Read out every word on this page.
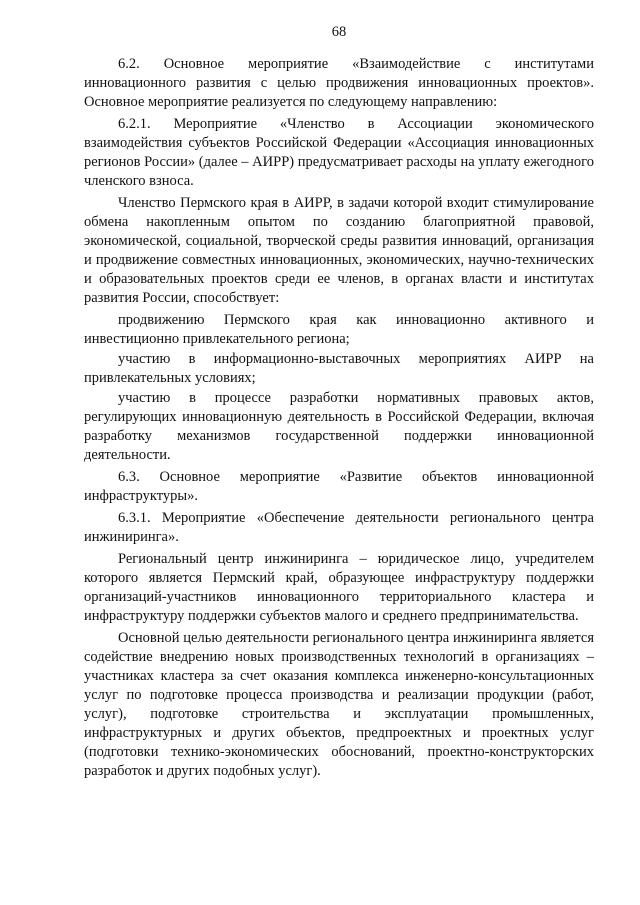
68

6.2. Основное мероприятие «Взаимодействие с институтами инновационного развития с целью продвижения инновационных проектов». Основное мероприятие реализуется по следующему направлению:

6.2.1. Мероприятие «Членство в Ассоциации экономического взаимодействия субъектов Российской Федерации «Ассоциация инновационных регионов России» (далее – АИРР) предусматривает расходы на уплату ежегодного членского взноса.

Членство Пермского края в АИРР, в задачи которой входит стимулирование обмена накопленным опытом по созданию благоприятной правовой, экономической, социальной, творческой среды развития инноваций, организация и продвижение совместных инновационных, экономических, научно-технических и образовательных проектов среди ее членов, в органах власти и институтах развития России, способствует:

продвижению Пермского края как инновационно активного и инвестиционно привлекательного региона;

участию в информационно-выставочных мероприятиях АИРР на привлекательных условиях;

участию в процессе разработки нормативных правовых актов, регулирующих инновационную деятельность в Российской Федерации, включая разработку механизмов государственной поддержки инновационной деятельности.

6.3. Основное мероприятие «Развитие объектов инновационной инфраструктуры».

6.3.1. Мероприятие «Обеспечение деятельности регионального центра инжиниринга».

Региональный центр инжиниринга – юридическое лицо, учредителем которого является Пермский край, образующее инфраструктуру поддержки организаций-участников инновационного территориального кластера и инфраструктуру поддержки субъектов малого и среднего предпринимательства.

Основной целью деятельности регионального центра инжиниринга является содействие внедрению новых производственных технологий в организациях – участниках кластера за счет оказания комплекса инженерно-консультационных услуг по подготовке процесса производства и реализации продукции (работ, услуг), подготовке строительства и эксплуатации промышленных, инфраструктурных и других объектов, предпроектных и проектных услуг (подготовки технико-экономических обоснований, проектно-конструкторских разработок и других подобных услуг).
